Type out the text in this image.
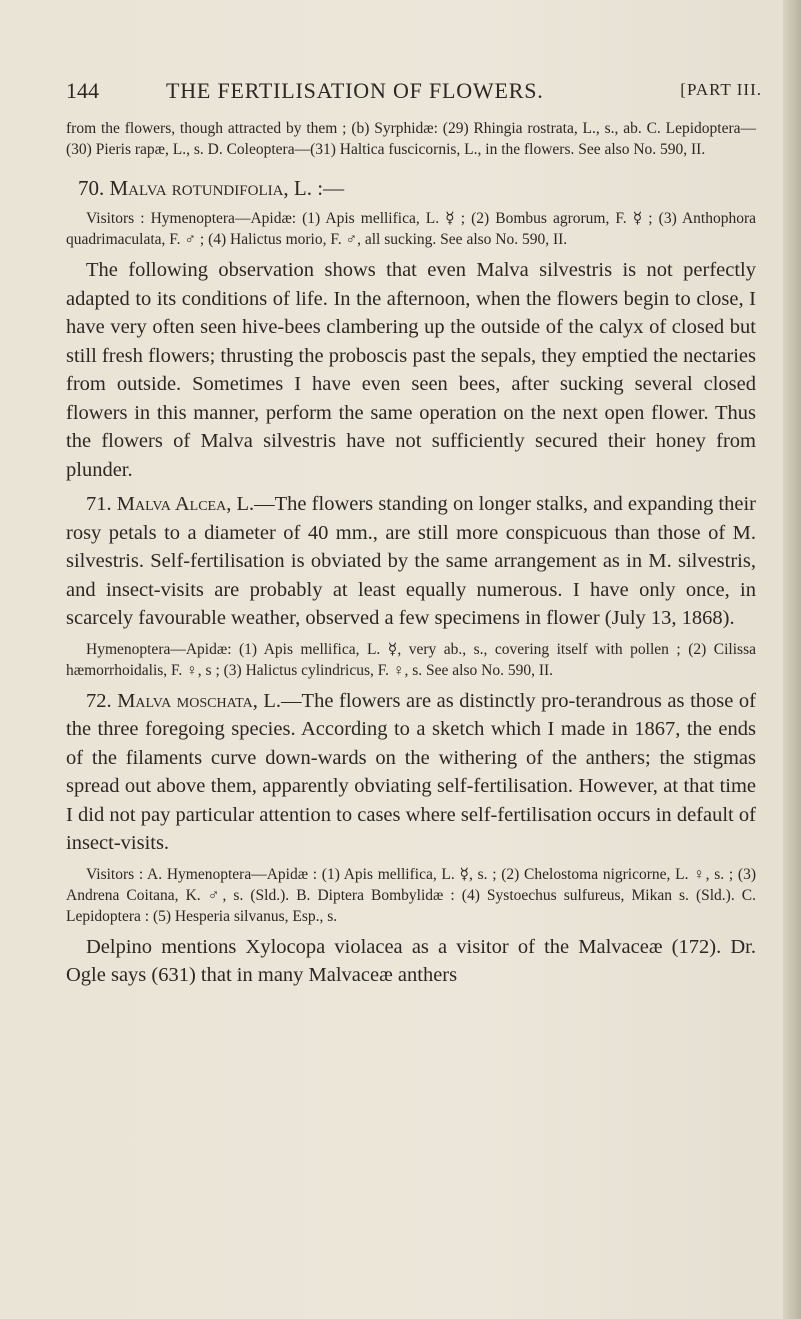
144	THE FERTILISATION OF FLOWERS.	[PART III.

from the flowers, though attracted by them ; (b) Syrphidæ: (29) Rhingia rostrata, L., s., ab. C. Lepidoptera—(30) Pieris rapæ, L., s. D. Coleoptera—(31) Haltica fuscicornis, L., in the flowers. See also No. 590, II.

70. Malva rotundifolia, L. :—

Visitors : Hymenoptera—Apidæ: (1) Apis mellifica, L. ☿ ; (2) Bombus agrorum, F. ☿ ; (3) Anthophora quadrimaculata, F. ♂ ; (4) Halictus morio, F. ♂, all sucking. See also No. 590, II.

The following observation shows that even Malva silvestris is not perfectly adapted to its conditions of life. In the afternoon, when the flowers begin to close, I have very often seen hive-bees clambering up the outside of the calyx of closed but still fresh flowers; thrusting the proboscis past the sepals, they emptied the nectaries from outside. Sometimes I have even seen bees, after sucking several closed flowers in this manner, perform the same operation on the next open flower. Thus the flowers of Malva silvestris have not sufficiently secured their honey from plunder.

71. Malva Alcea, L.—The flowers standing on longer stalks, and expanding their rosy petals to a diameter of 40 mm., are still more conspicuous than those of M. silvestris. Self-fertilisation is obviated by the same arrangement as in M. silvestris, and insect-visits are probably at least equally numerous. I have only once, in scarcely favourable weather, observed a few specimens in flower (July 13, 1868).

Hymenoptera—Apidæ: (1) Apis mellifica, L. ☿, very ab., s., covering itself with pollen ; (2) Cilissa hæmorrhoidalis, F. ♀, s ; (3) Halictus cylindricus, F. ♀, s. See also No. 590, II.

72. Malva moschata, L.—The flowers are as distinctly pro-terandrous as those of the three foregoing species. According to a sketch which I made in 1867, the ends of the filaments curve down-wards on the withering of the anthers; the stigmas spread out above them, apparently obviating self-fertilisation. However, at that time I did not pay particular attention to cases where self-fertilisation occurs in default of insect-visits.

Visitors : A. Hymenoptera—Apidæ : (1) Apis mellifica, L. ☿, s. ; (2) Chelostoma nigricorne, L. ♀, s. ; (3) Andrena Coitana, K. ♂, s. (Sld.). B. Diptera Bombylidæ : (4) Systoechus sulfureus, Mikan s. (Sld.). C. Lepidoptera : (5) Hesperia silvanus, Esp., s.

Delpino mentions Xylocopa violacea as a visitor of the Malvaceæ (172). Dr. Ogle says (631) that in many Malvaceæ anthers
